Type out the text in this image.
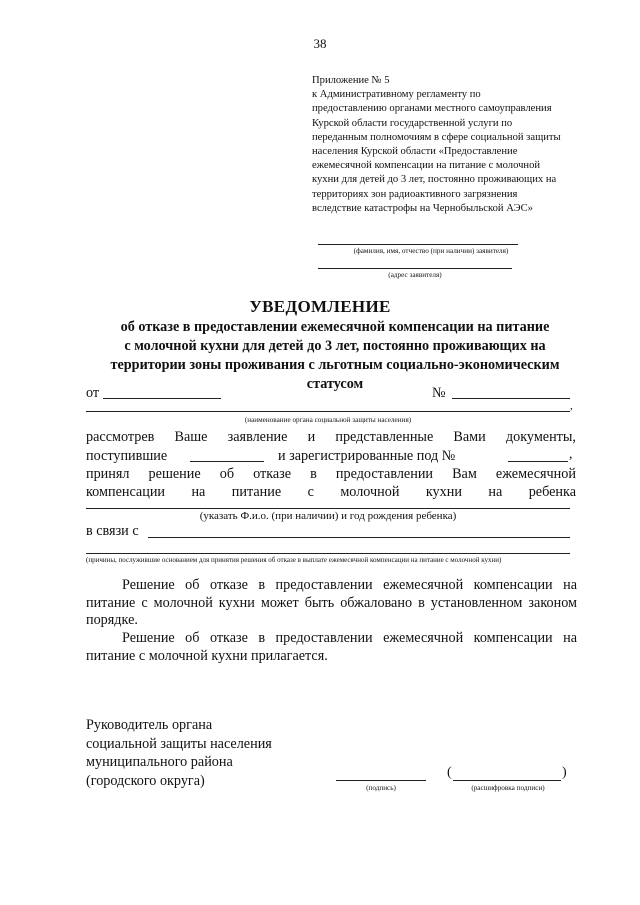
38
Приложение № 5
к Административному регламенту по
предоставлению органами местного самоуправления
Курской области государственной услуги по
переданным полномочиям в сфере социальной защиты
населения Курской области «Предоставление
ежемесячной компенсации на питание с молочной
кухни для детей до 3 лет, постоянно проживающих на
территориях зон радиоактивного загрязнения
вследствие катастрофы на Чернобыльской АЭС»
(фамилия, имя, отчество (при наличии) заявителя)
(адрес заявителя)
УВЕДОМЛЕНИЕ
об отказе в предоставлении ежемесячной компенсации на питание
с молочной кухни для детей до 3 лет, постоянно проживающих на
территории зоны проживания с льготным социально-экономическим
статусом
от	№
,
(наименование органа социальной защиты населения)
рассмотрев Ваше заявление и представленные Вами документы,
поступившие	и зарегистрированные под №	,
принял решение об отказе в предоставлении Вам ежемесячной
компенсации на питание с молочной кухни на ребенка
(указать Ф.и.о. (при наличии) и год рождения ребенка)
в связи с
(причины, послужившие основанием для принятия решения об отказе в выплате ежемесячной компенсации на питание с молочной кухни)
Решение об отказе в предоставлении ежемесячной компенсации на питание с молочной кухни может быть обжаловано в установленном законом порядке.
Решение об отказе в предоставлении ежемесячной компенсации на питание с молочной кухни прилагается.
Руководитель органа
социальной защиты населения
муниципального района
(городского округа)	(подпись)
(	)
(расшифровка подписи)
